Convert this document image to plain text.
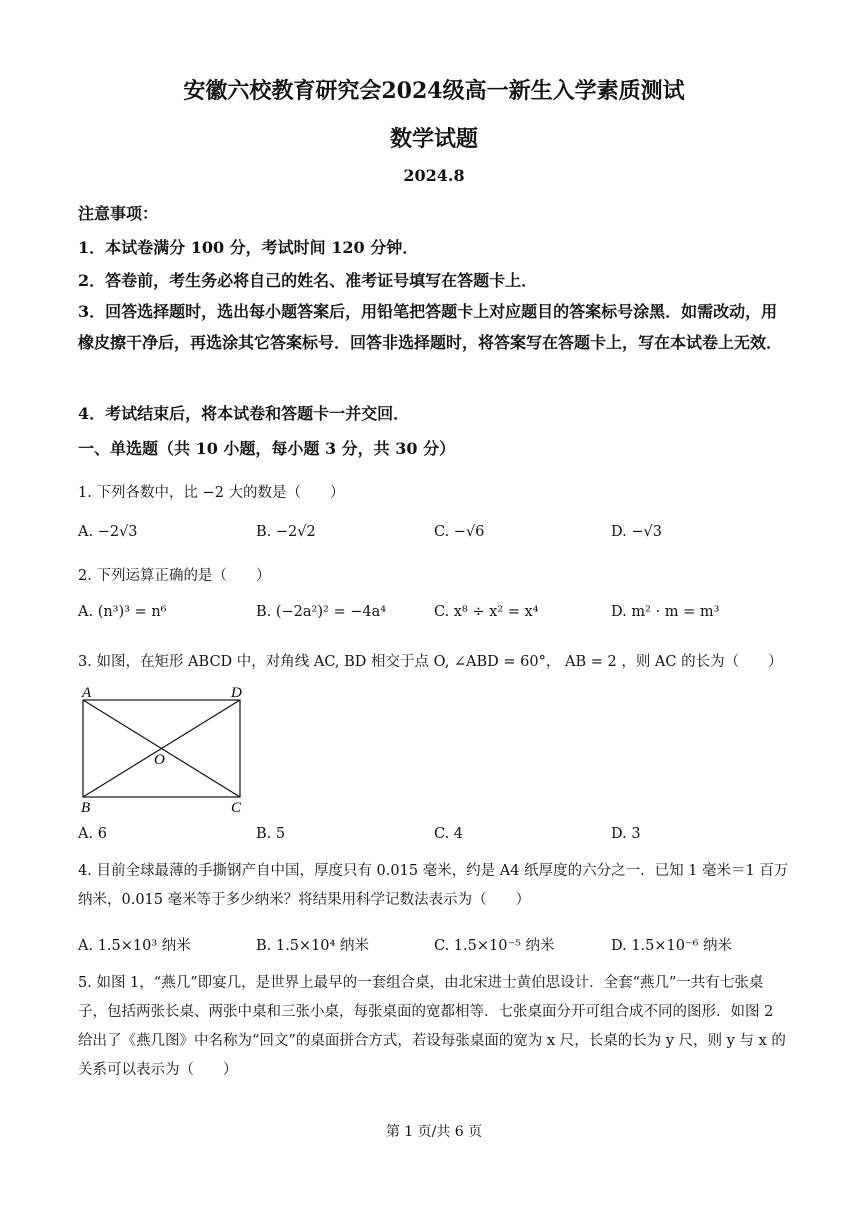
安徽六校教育研究会2024级高一新生入学素质测试
数学试题
2024.8
注意事项：
1．本试卷满分 100 分，考试时间 120 分钟．
2．答卷前，考生务必将自己的姓名、准考证号填写在答题卡上．
3．回答选择题时，选出每小题答案后，用铅笔把答题卡上对应题目的答案标号涂黑．如需改动，用橡皮擦干净后，再选涂其它答案标号．回答非选择题时，将答案写在答题卡上，写在本试卷上无效．
4．考试结束后，将本试卷和答题卡一并交回．
一、单选题（共 10 小题，每小题 3 分，共 30 分）
1. 下列各数中，比 −2 大的数是（　　）
A. −2√3	B. −2√2	C. −√6	D. −√3
2. 下列运算正确的是（　　）
A. (n³)³ = n⁶	B. (−2a²)² = −4a⁴	C. x⁸ ÷ x² = x⁴	D. m² · m = m³
3. 如图，在矩形 ABCD 中，对角线 AC, BD 相交于点 O, ∠ABD = 60°， AB = 2 ，则 AC 的长为（　　）
A	D
B	C
O
A. 6	B. 5	C. 4	D. 3
4. 目前全球最薄的手撕钢产自中国，厚度只有 0.015 毫米，约是 A4 纸厚度的六分之一．已知 1 毫米＝1 百万纳米，0.015 毫米等于多少纳米？将结果用科学记数法表示为（　　）
A. 1.5×10³ 纳米	B. 1.5×10⁴ 纳米	C. 1.5×10⁻⁵ 纳米	D. 1.5×10⁻⁶ 纳米
5. 如图 1，“燕几”即宴几，是世界上最早的一套组合桌，由北宋进士黄伯思设计．全套“燕几”一共有七张桌子，包括两张长桌、两张中桌和三张小桌，每张桌面的宽都相等．七张桌面分开可组合成不同的图形．如图 2 给出了《燕几图》中名称为“回文”的桌面拼合方式，若设每张桌面的宽为 x 尺，长桌的长为 y 尺，则 y 与 x 的关系可以表示为（　　）
第 1 页/共 6 页
